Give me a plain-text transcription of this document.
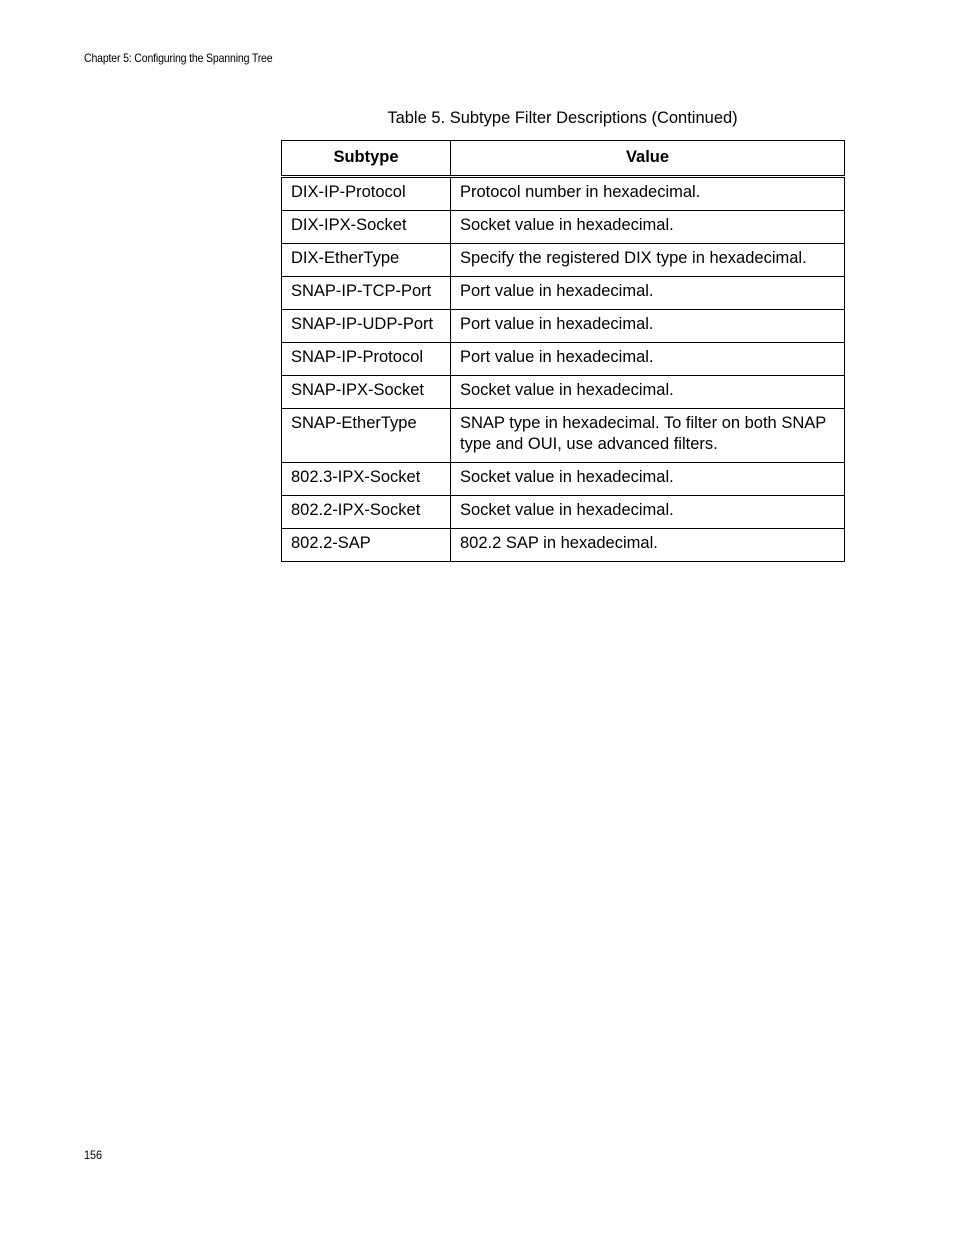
Chapter 5: Configuring the Spanning Tree
Table 5. Subtype Filter Descriptions (Continued)
Subtype	Value
DIX-IP-Protocol	Protocol number in hexadecimal.
DIX-IPX-Socket	Socket value in hexadecimal.
DIX-EtherType	Specify the registered DIX type in hexadecimal.
SNAP-IP-TCP-Port	Port value in hexadecimal.
SNAP-IP-UDP-Port	Port value in hexadecimal.
SNAP-IP-Protocol	Port value in hexadecimal.
SNAP-IPX-Socket	Socket value in hexadecimal.
SNAP-EtherType	SNAP type in hexadecimal. To filter on both SNAP type and OUI, use advanced filters.
802.3-IPX-Socket	Socket value in hexadecimal.
802.2-IPX-Socket	Socket value in hexadecimal.
802.2-SAP	802.2 SAP in hexadecimal.
156
